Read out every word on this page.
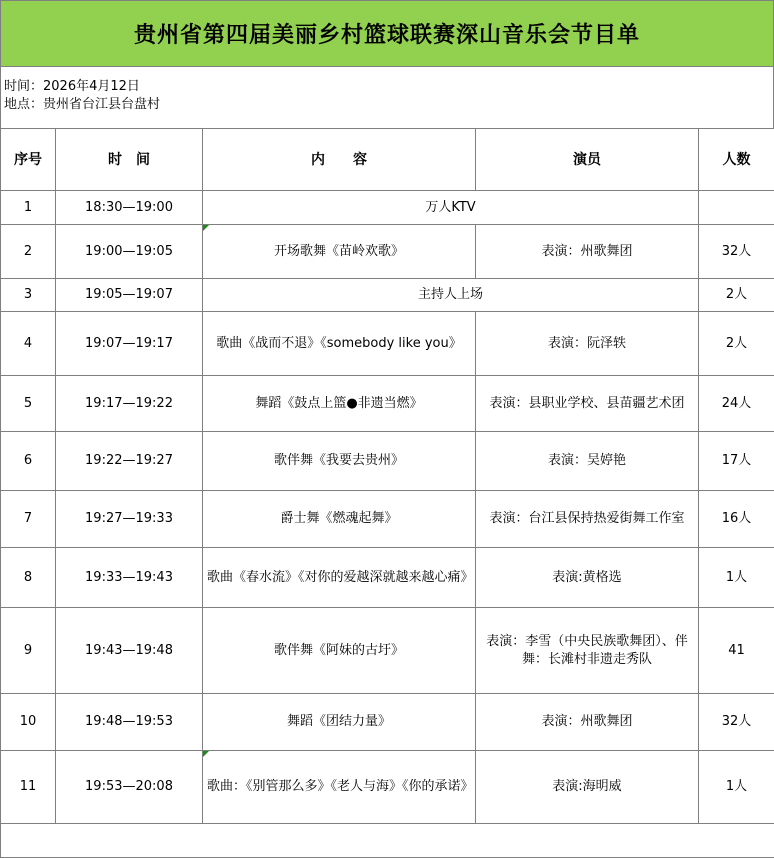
贵州省第四届美丽乡村篮球联赛深山音乐会节目单
时间：2026年4月12日
地点：贵州省台江县台盘村
序号	时　间	内　　容	演员	人数
1	18:30—19:00	万人KTV		
2	19:00—19:05	开场歌舞《苗岭欢歌》	表演：州歌舞团	32人
3	19:05—19:07	主持人上场		2人
4	19:07—19:17	歌曲《战而不退》《somebody like you》	表演：阮泽轶	2人
5	19:17—19:22	舞蹈《鼓点上篮●非遗当燃》	表演：县职业学校、县苗疆艺术团	24人
6	19:22—19:27	歌伴舞《我要去贵州》	表演：吴婷艳	17人
7	19:27—19:33	爵士舞《燃魂起舞》	表演：台江县保持热爱街舞工作室	16人
8	19:33—19:43	歌曲《春水流》《对你的爱越深就越来越心痛》	表演:黄格选	1人
9	19:43—19:48	歌伴舞《阿妹的古圩》	表演：李雪（中央民族歌舞团）、伴舞：长滩村非遗走秀队	41
10	19:48—19:53	舞蹈《团结力量》	表演：州歌舞团	32人
11	19:53—20:08	歌曲：《别管那么多》《老人与海》《你的承诺》	表演:海明威	1人
